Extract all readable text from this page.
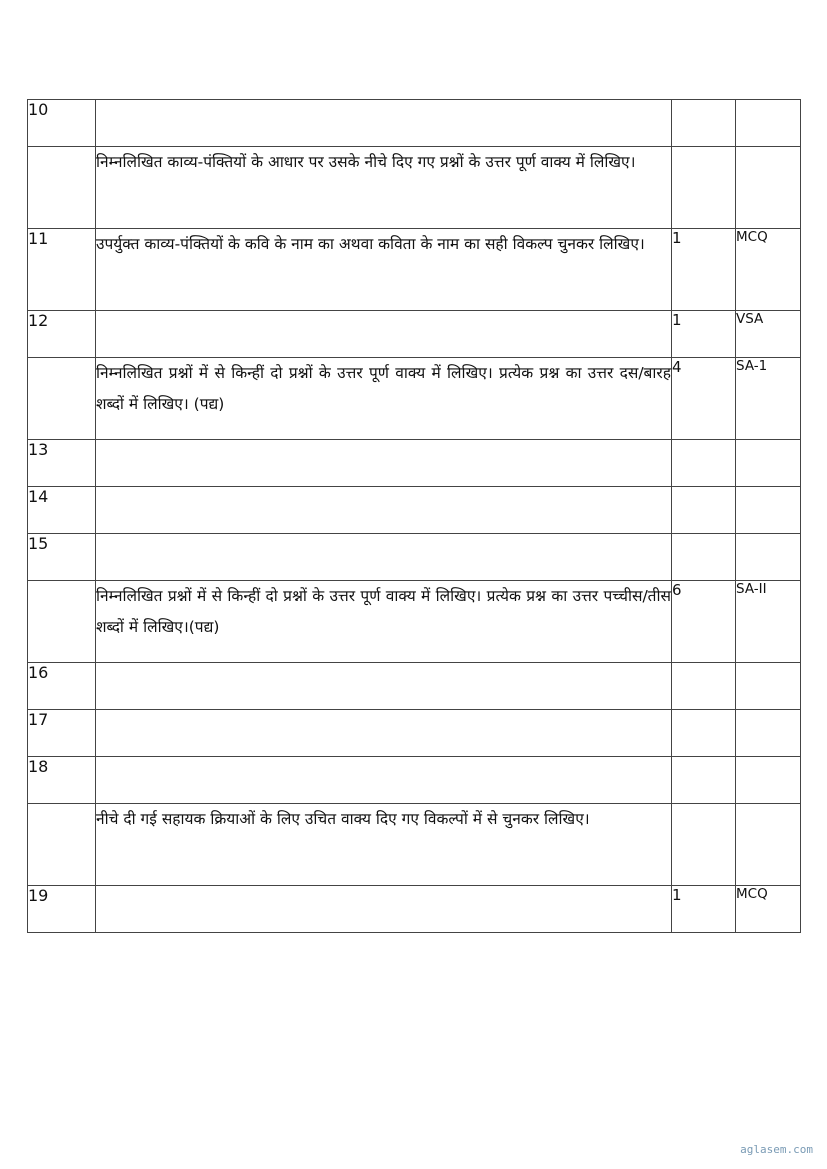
10			
	निम्नलिखित काव्य-पंक्तियों के आधार पर उसके नीचे दिए गए प्रश्नों के उत्तर पूर्ण वाक्य में लिखिए।		
11	उपर्युक्त काव्य-पंक्तियों के कवि के नाम का अथवा कविता के नाम का सही विकल्प चुनकर लिखिए।	1	MCQ
12		1	VSA
	निम्नलिखित प्रश्नों में से किन्हीं दो प्रश्नों के उत्तर पूर्ण वाक्य में लिखिए। प्रत्येक प्रश्न का उत्तर दस/बारह शब्दों में लिखिए। (पद्य)	4	SA-1
13			
14			
15			
	निम्नलिखित प्रश्नों में से किन्हीं दो प्रश्नों के उत्तर पूर्ण वाक्य में लिखिए। प्रत्येक प्रश्न का उत्तर पच्चीस/तीस शब्दों में लिखिए।(पद्य)	6	SA-II
16			
17			
18			
	नीचे दी गई सहायक क्रियाओं के लिए उचित वाक्य दिए गए विकल्पों में से चुनकर लिखिए।		
19		1	MCQ
aglasem.com
